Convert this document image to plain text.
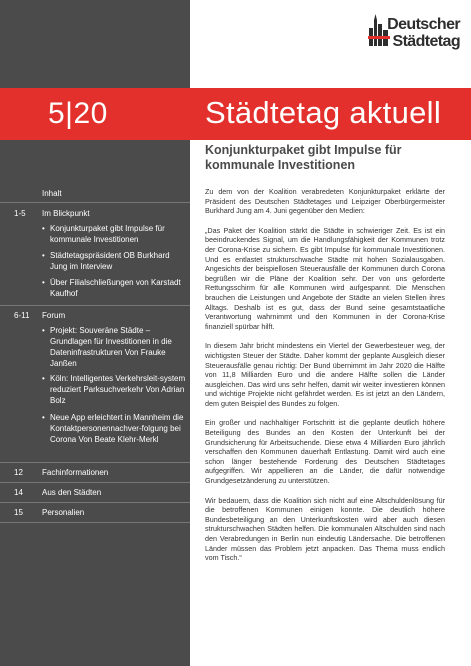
Deutscher
Städtetag
5|20	Städtetag aktuell
Inhalt
1-5 Im Blickpunkt
• Konjunkturpaket gibt Impulse für kommunale Investitionen
• Städtetagspräsident OB Burkhard Jung im Interview
• Über Filialschließungen von Karstadt Kaufhof
6-11 Forum
• Projekt: Souveräne Städte – Grundlagen für Investitionen in die Dateninfrastrukturen Von Frauke Janßen
• Köln: Intelligentes Verkehrsleit-system reduziert Parksuchverkehr Von Adrian Bolz
• Neue App erleichtert in Mannheim die Kontaktpersonennachver-folgung bei Corona Von Beate Klehr-Merkl
12 Fachinformationen
14 Aus den Städten
15 Personalien
Konjunkturpaket gibt Impulse für kommunale Investitionen

Zu dem von der Koalition verabredeten Konjunkturpaket erklärte der Präsident des Deutschen Städtetages und Leipziger Oberbürgermeister Burkhard Jung am 4. Juni gegenüber den Medien:

„Das Paket der Koalition stärkt die Städte in schwieriger Zeit. Es ist ein beeindruckendes Signal, um die Handlungsfähigkeit der Kommunen trotz der Corona-Krise zu sichern. Es gibt Impulse für kommunale Investitionen. Und es entlastet strukturschwache Städte mit hohen Sozialausgaben. Angesichts der beispiellosen Steuerausfälle der Kommunen durch Corona begrüßen wir die Pläne der Koalition sehr. Der von uns geforderte Rettungsschirm für alle Kommunen wird aufgespannt. Die Menschen brauchen die Leistungen und Angebote der Städte an vielen Stellen ihres Alltags. Deshalb ist es gut, dass der Bund seine gesamtstaatliche Verantwortung wahrnimmt und den Kommunen in der Corona-Krise finanziell spürbar hilft.

In diesem Jahr bricht mindestens ein Viertel der Gewerbesteuer weg, der wichtigsten Steuer der Städte. Daher kommt der geplante Ausgleich dieser Steuerausfälle genau richtig: Der Bund übernimmt im Jahr 2020 die Hälfte von 11,8 Milliarden Euro und die andere Hälfte sollen die Länder ausgleichen. Das wird uns sehr helfen, damit wir weiter investieren können und wichtige Projekte nicht gefährdet werden. Es ist jetzt an den Ländern, dem guten Beispiel des Bundes zu folgen.

Ein großer und nachhaltiger Fortschritt ist die geplante deutlich höhere Beteiligung des Bundes an den Kosten der Unterkunft bei der Grundsicherung für Arbeitsuchende. Diese etwa 4 Milliarden Euro jährlich verschaffen den Kommunen dauerhaft Entlastung. Damit wird auch eine schon länger bestehende Forderung des Deutschen Städtetages aufgegriffen. Wir appellieren an die Länder, die dafür notwendige Grundgesetzänderung zu unterstützen.

Wir bedauern, dass die Koalition sich nicht auf eine Altschuldenlösung für die betroffenen Kommunen einigen konnte. Die deutlich höhere Bundesbeteiligung an den Unterkunftskosten wird aber auch diesen strukturschwachen Städten helfen. Die kommunalen Altschulden sind nach den Verabredungen in Berlin nun eindeutig Ländersache. Die betroffenen Länder müssen das Problem jetzt anpacken. Das Thema muss endlich vom Tisch.“
